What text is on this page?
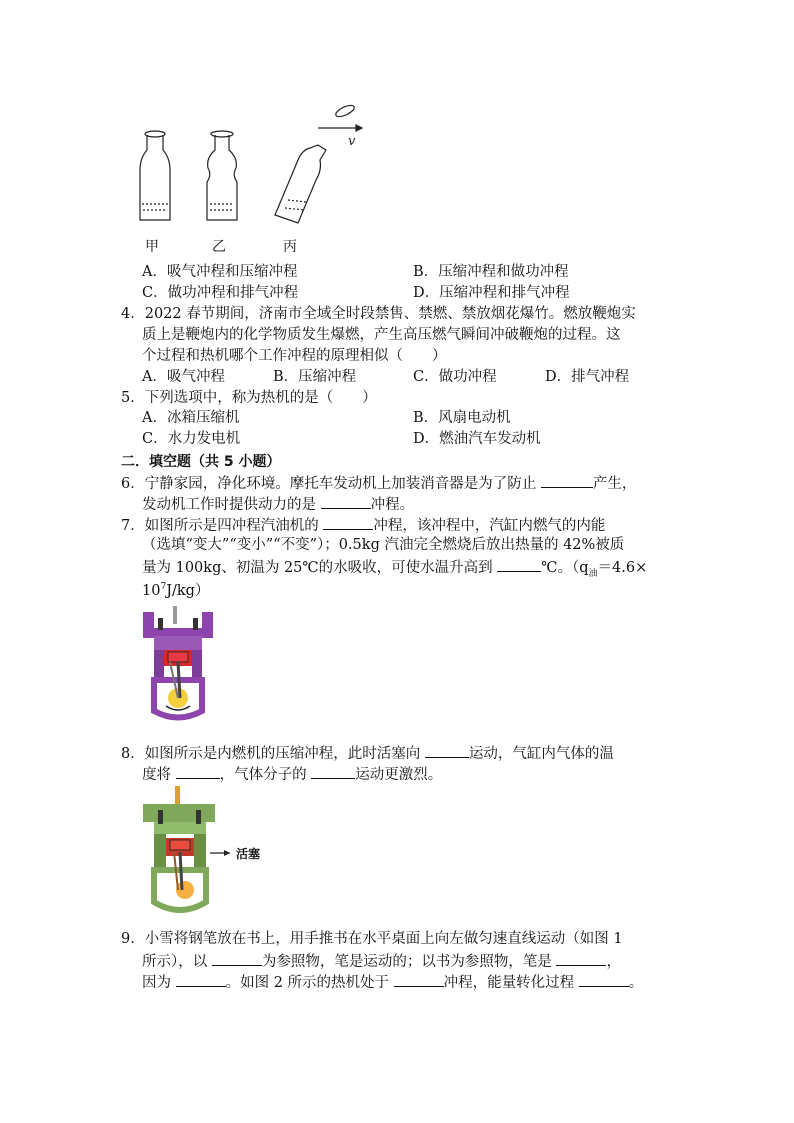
v
甲	乙	丙
A．吸气冲程和压缩冲程	B．压缩冲程和做功冲程
C．做功冲程和排气冲程	D．压缩冲程和排气冲程
4．2022 春节期间，济南市全域全时段禁售、禁燃、禁放烟花爆竹。燃放鞭炮实
质上是鞭炮内的化学物质发生爆燃，产生高压燃气瞬间冲破鞭炮的过程。这
个过程和热机哪个工作冲程的原理相似（　　）
A．吸气冲程	B．压缩冲程	C．做功冲程	D．排气冲程
5．下列选项中，称为热机的是（　　）
A．冰箱压缩机	B．风扇电动机
C．水力发电机	D．燃油汽车发动机
二．填空题（共 5 小题）
6．宁静家园，净化环境。摩托车发动机上加装消音器是为了防止	产生，
发动机工作时提供动力的是	冲程。
7．如图所示是四冲程汽油机的	冲程，该冲程中，汽缸内燃气的内能
（选填“变大”“变小”“不变”）；0.5kg 汽油完全燃烧后放出热量的 42%被质
量为 100kg、初温为 25℃的水吸收，可使水温升高到	℃。（$q_油=4.6\times$
$10^7J/kg$）
8．如图所示是内燃机的压缩冲程，此时活塞向	运动，气缸内气体的温
度将	，气体分子的	运动更激烈。
活塞
9．小雪将钢笔放在书上，用手推书在水平桌面上向左做匀速直线运动（如图 1
所示），以	为参照物，笔是运动的；以书为参照物，笔是	，
因为	。如图 2 所示的热机处于	冲程，能量转化过程	。
